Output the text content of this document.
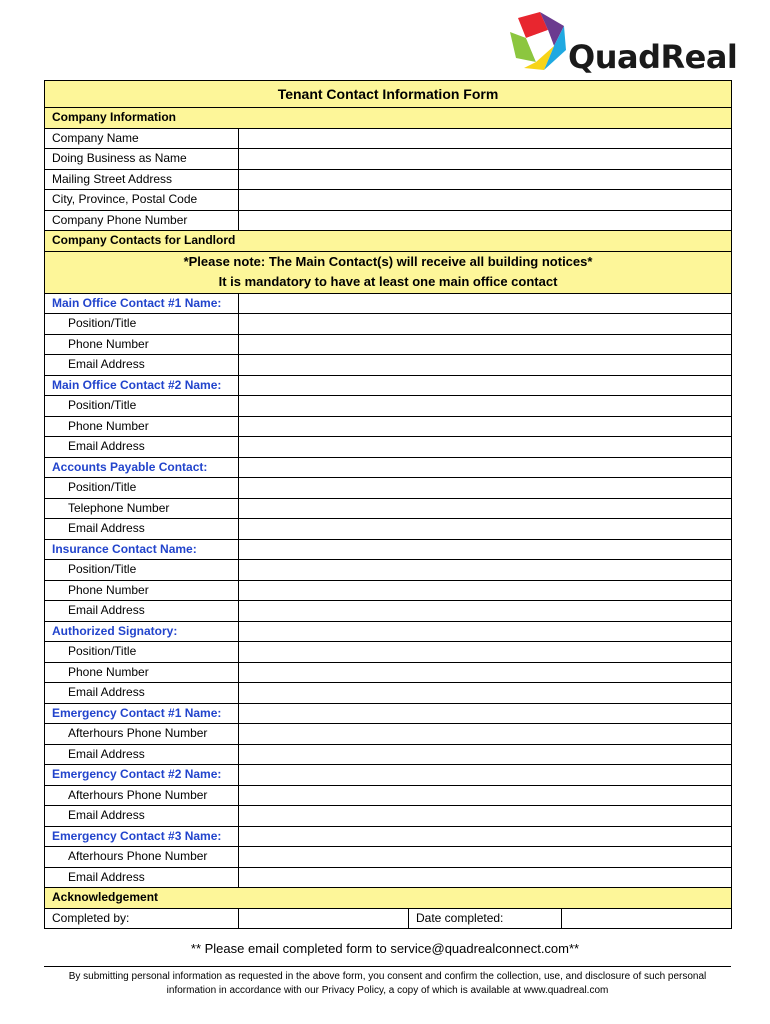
QuadReal
Tenant Contact Information Form			
Company Information			
Company Name			
Doing Business as Name			
Mailing Street Address			
City, Province, Postal Code			
Company Phone Number			
Company Contacts for Landlord			

*Please note: The Main Contact(s) will receive all building notices*
It is mandatory to have at least one main office contact			

Main Office Contact #1 Name:			
Position/Title			
Phone Number			
Email Address			
Main Office Contact #2 Name:			
Position/Title			
Phone Number			
Email Address			
Accounts Payable Contact:			
Position/Title			
Telephone Number			
Email Address			
Insurance Contact Name:			
Position/Title			
Phone Number			
Email Address			
Authorized Signatory:			
Position/Title			
Phone Number			
Email Address			
Emergency Contact #1 Name:			
Afterhours Phone Number			
Email Address			
Emergency Contact #2 Name:			
Afterhours Phone Number			
Email Address			
Emergency Contact #3 Name:			
Afterhours Phone Number			
Email Address			
Acknowledgement			
Completed by:		Date completed:	
** Please email completed form to service@quadrealconnect.com**
By submitting personal information as requested in the above form, you consent and confirm the collection, use, and disclosure of such personal
information in accordance with our Privacy Policy, a copy of which is available at www.quadreal.com
